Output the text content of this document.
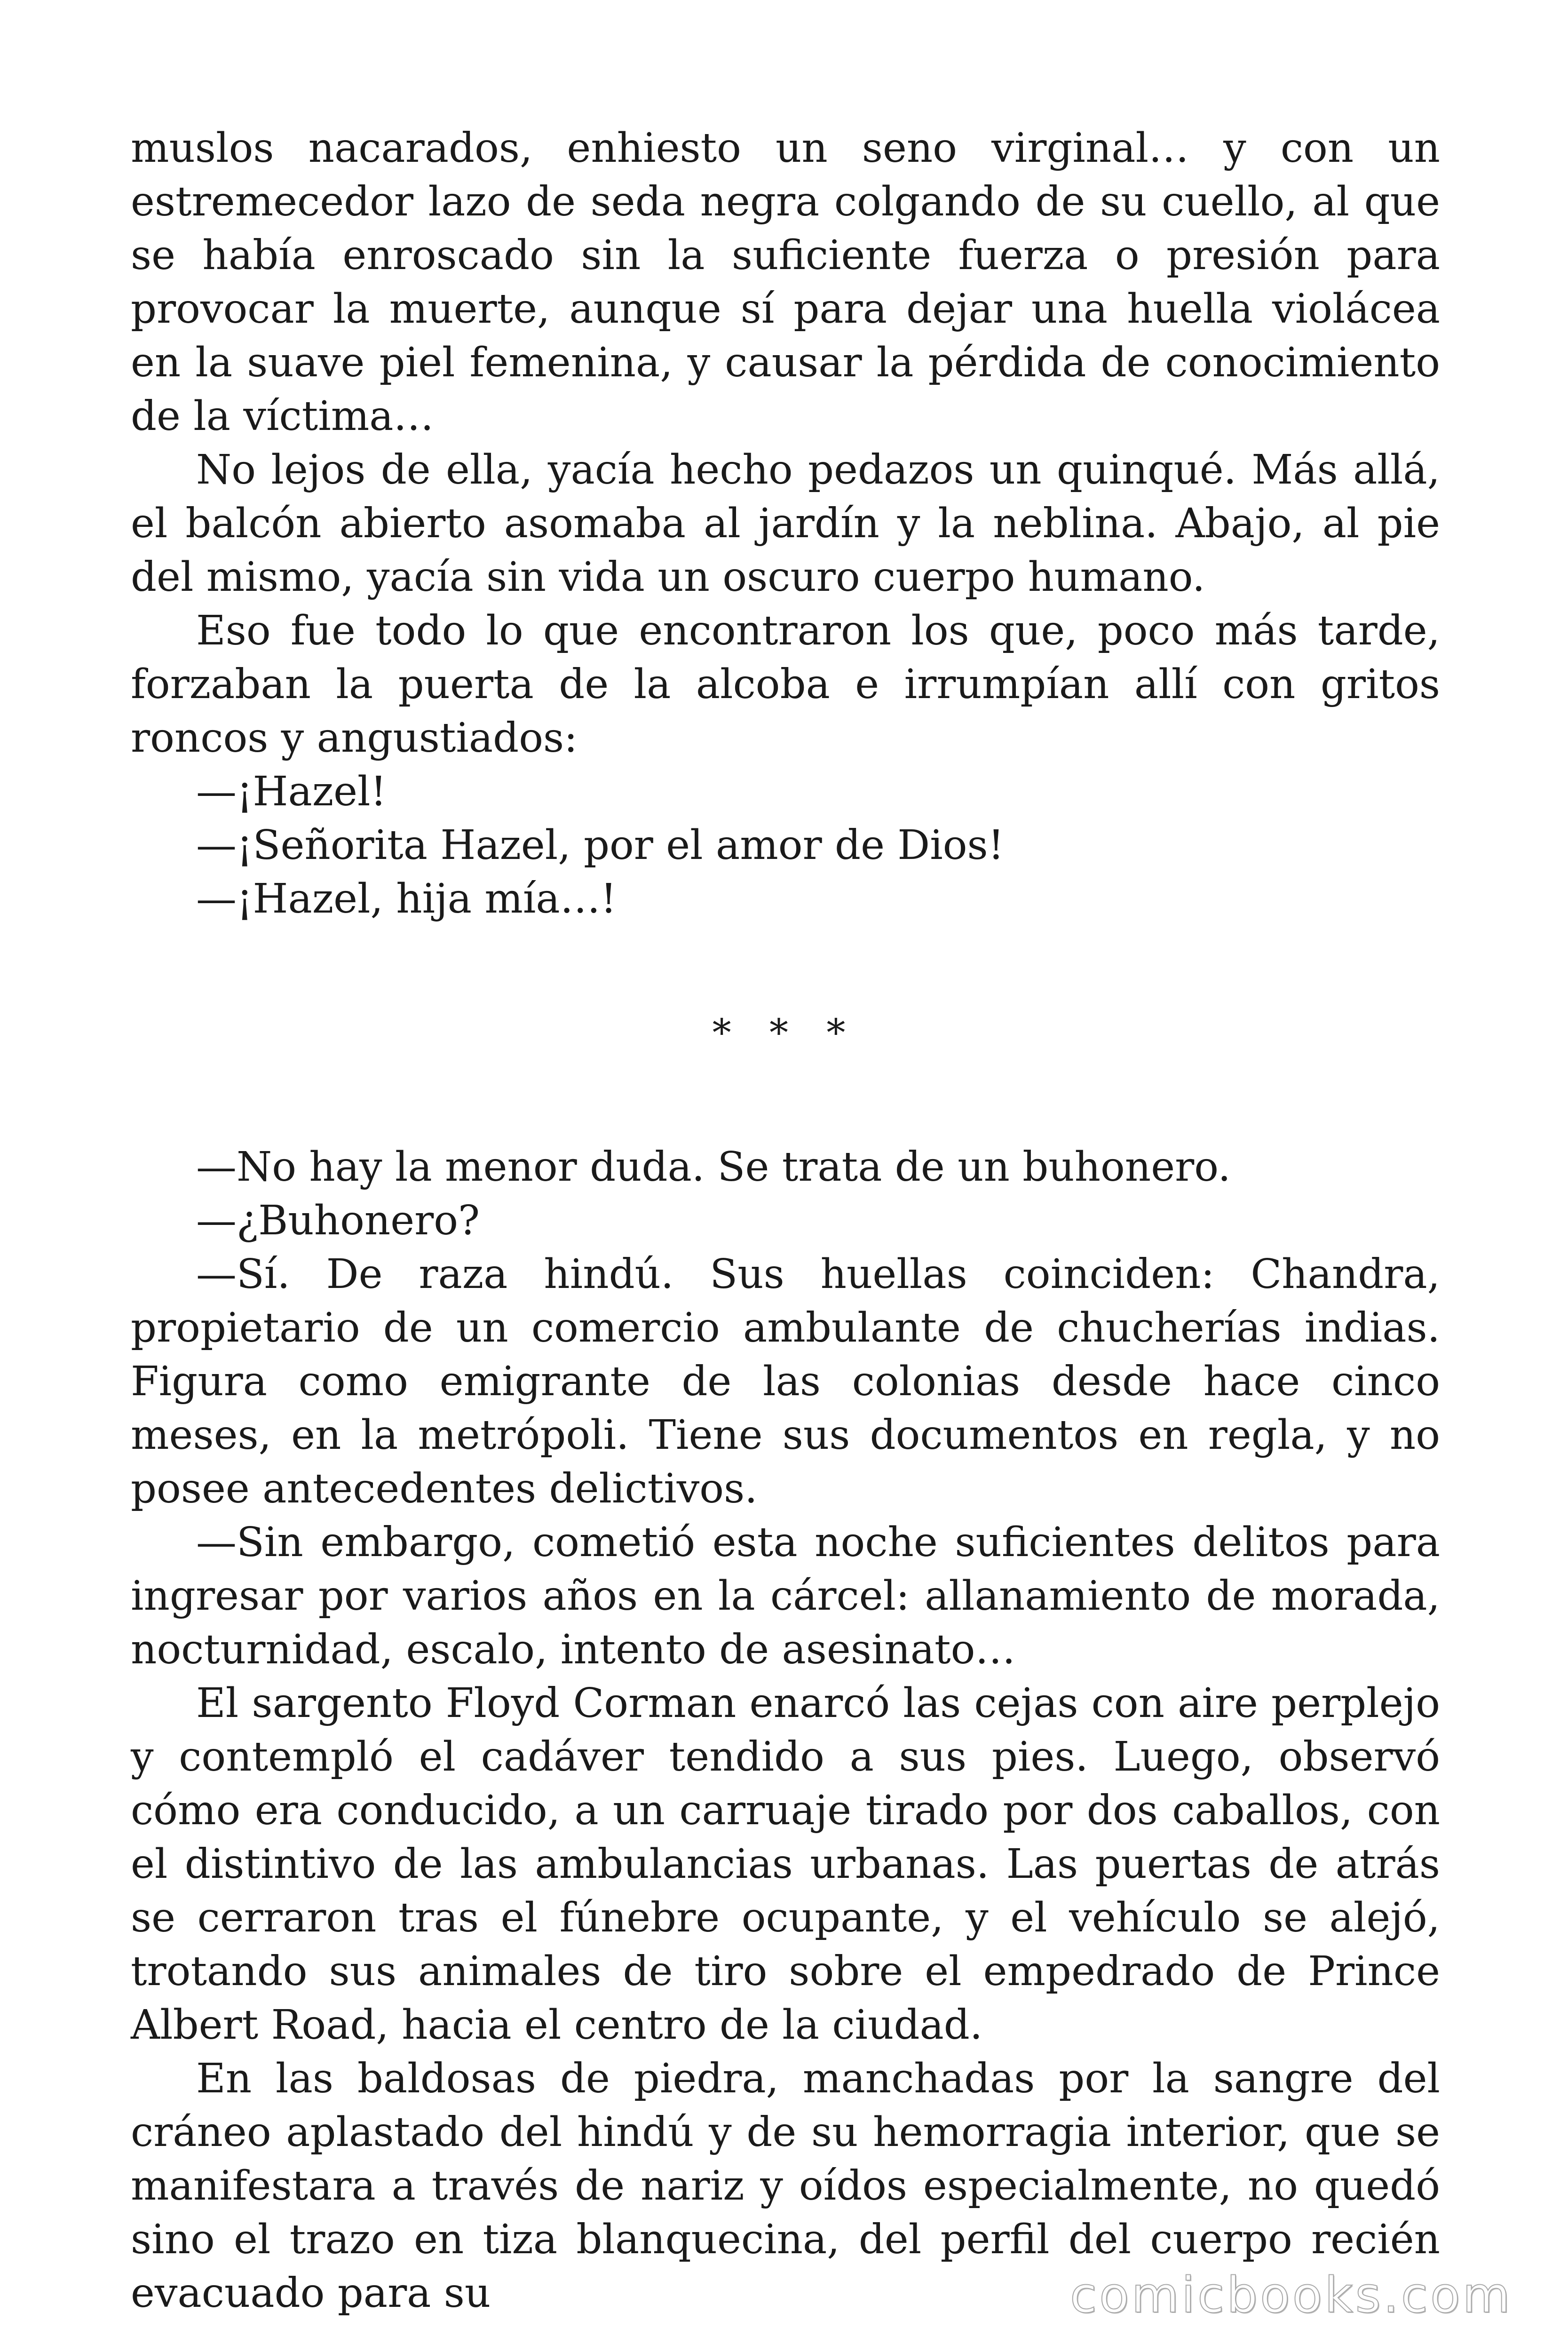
muslos nacarados, enhiesto un seno virginal… y con un estremecedor lazo de seda negra colgando de su cuello, al que se había enroscado sin la suficiente fuerza o presión para provocar la muerte, aunque sí para dejar una huella violácea en la suave piel femenina, y causar la pérdida de conocimiento de la víctima…

No lejos de ella, yacía hecho pedazos un quinqué. Más allá, el balcón abierto asomaba al jardín y la neblina. Abajo, al pie del mismo, yacía sin vida un oscuro cuerpo humano.

Eso fue todo lo que encontraron los que, poco más tarde, forzaban la puerta de la alcoba e irrumpían allí con gritos roncos y angustiados:

—¡Hazel!

—¡Señorita Hazel, por el amor de Dios!

—¡Hazel, hija mía…!

* * *

—No hay la menor duda. Se trata de un buhonero.

—¿Buhonero?

—Sí. De raza hindú. Sus huellas coinciden: Chandra, propietario de un comercio ambulante de chucherías indias. Figura como emigrante de las colonias desde hace cinco meses, en la metrópoli. Tiene sus documentos en regla, y no posee antecedentes delictivos.

—Sin embargo, cometió esta noche suficientes delitos para ingresar por varios años en la cárcel: allanamiento de morada, nocturnidad, escalo, intento de asesinato…

El sargento Floyd Corman enarcó las cejas con aire perplejo y contempló el cadáver tendido a sus pies. Luego, observó cómo era conducido, a un carruaje tirado por dos caballos, con el distintivo de las ambulancias urbanas. Las puertas de atrás se cerraron tras el fúnebre ocupante, y el vehículo se alejó, trotando sus animales de tiro sobre el empedrado de Prince Albert Road, hacia el centro de la ciudad.

En las baldosas de piedra, manchadas por la sangre del cráneo aplastado del hindú y de su hemorragia interior, que se manifestara a través de nariz y oídos especialmente, no quedó sino el trazo en tiza blanquecina, del perfil del cuerpo recién evacuado para su	comicbooks.com
